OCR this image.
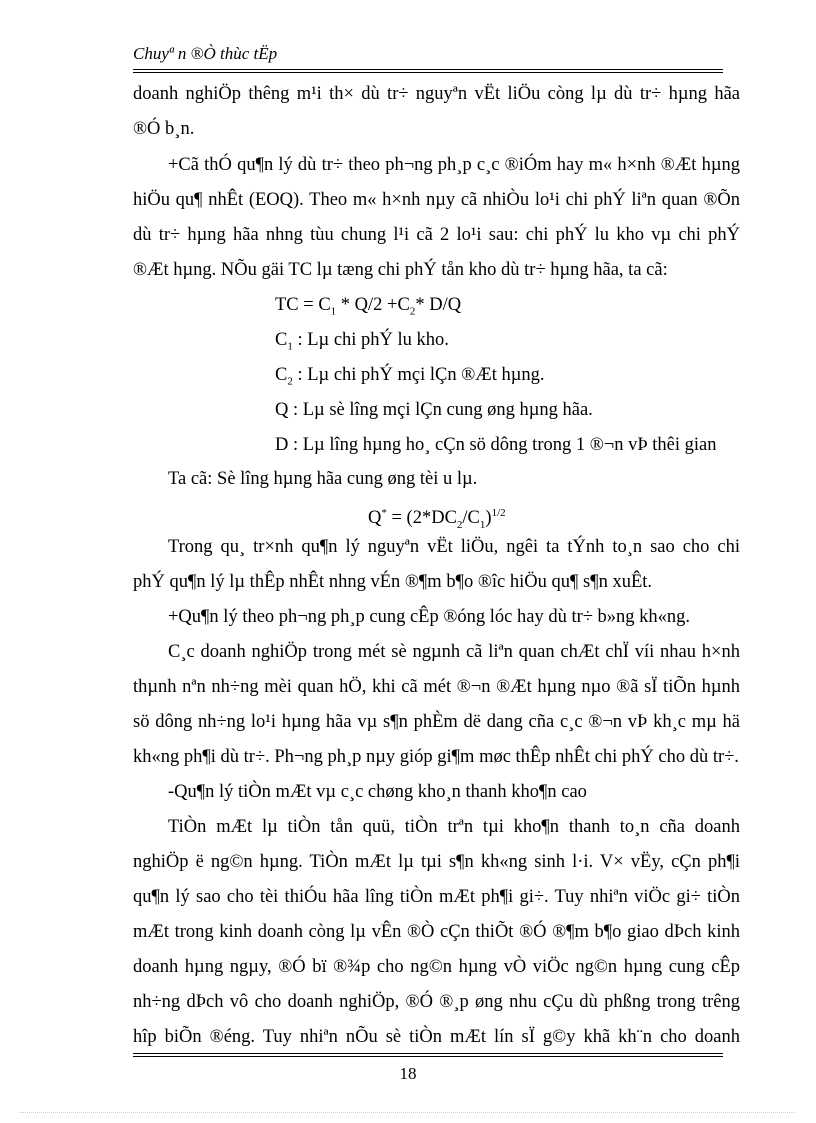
Chuyª n ®Ò thùc tËp
doanh nghiÖp thêng m¹i th× dù tr÷ nguyªn vËt liÖu còng lµ dù tr÷ hµng hãa
®Ó b¸n.
+Cã thÓ qu¶n lý dù tr÷ theo ph¬ng ph¸p c¸c ®iÓm hay m« h×nh ®Æt hµng
hiÖu qu¶ nhÊt (EOQ). Theo m« h×nh nµy cã nhiÒu lo¹i chi phÝ liªn quan ®Õn
dù tr÷ hµng hãa nhng tùu chung l¹i cã 2 lo¹i sau: chi phÝ lu kho vµ chi phÝ
®Æt hµng. NÕu gäi TC lµ tæng chi phÝ tån kho dù tr÷ hµng hãa, ta cã:
TC = $C_1 * Q/2 +C_2*$ D/Q
$C_1$ : Lµ chi phÝ lu kho.
$C_2$ : Lµ chi phÝ mçi lÇn ®Æt hµng.
Q : Lµ sè lîng mçi lÇn cung øng hµng hãa.
D : Lµ lîng hµng ho¸ cÇn sö dông trong 1 ®¬n vÞ thêi gian
Ta cã: Sè lîng hµng hãa cung øng tèi u lµ.
$Q^* = (2*DC_2/C_1)^{1/2}$
Trong qu¸ tr×nh qu¶n lý nguyªn vËt liÖu, ngêi ta tÝnh to¸n sao cho chi
phÝ qu¶n lý lµ thÊp nhÊt nhng vÉn ®¶m b¶o ®îc hiÖu qu¶ s¶n xuÊt.
+Qu¶n lý theo ph¬ng ph¸p cung cÊp ®óng lóc hay dù tr÷ b»ng kh«ng.
C¸c doanh nghiÖp trong mét sè ngµnh cã liªn quan chÆt chÏ víi nhau h×nh
thµnh nªn nh÷ng mèi quan hÖ, khi cã mét ®¬n ®Æt hµng nµo ®ã sÏ tiÕn hµnh
sö dông nh÷ng lo¹i hµng hãa vµ s¶n phÈm dë dang cña c¸c ®¬n vÞ kh¸c mµ hä
kh«ng ph¶i dù tr÷. Ph¬ng ph¸p nµy gióp gi¶m møc thÊp nhÊt chi phÝ cho dù tr÷.
-Qu¶n lý tiÒn mÆt vµ c¸c chøng kho¸n thanh kho¶n cao
TiÒn mÆt lµ tiÒn tån quü, tiÒn trªn tµi kho¶n thanh to¸n cña doanh
nghiÖp ë ng©n hµng. TiÒn mÆt lµ tµi s¶n kh«ng sinh l·i. V× vËy, cÇn ph¶i
qu¶n lý sao cho tèi thiÓu hãa lîng tiÒn mÆt ph¶i gi÷. Tuy nhiªn viÖc gi÷ tiÒn
mÆt trong kinh doanh còng lµ vÊn ®Ò cÇn thiÕt ®Ó ®¶m b¶o giao dÞch kinh
doanh hµng ngµy, ®Ó bï ®¾p cho ng©n hµng vÒ viÖc ng©n hµng cung cÊp
nh÷ng dÞch vô cho doanh nghiÖp, ®Ó ®¸p øng nhu cÇu dù phßng trong trêng
hîp biÕn ®éng. Tuy nhiªn nÕu sè tiÒn mÆt lín sÏ g©y khã kh¨n cho doanh
18
